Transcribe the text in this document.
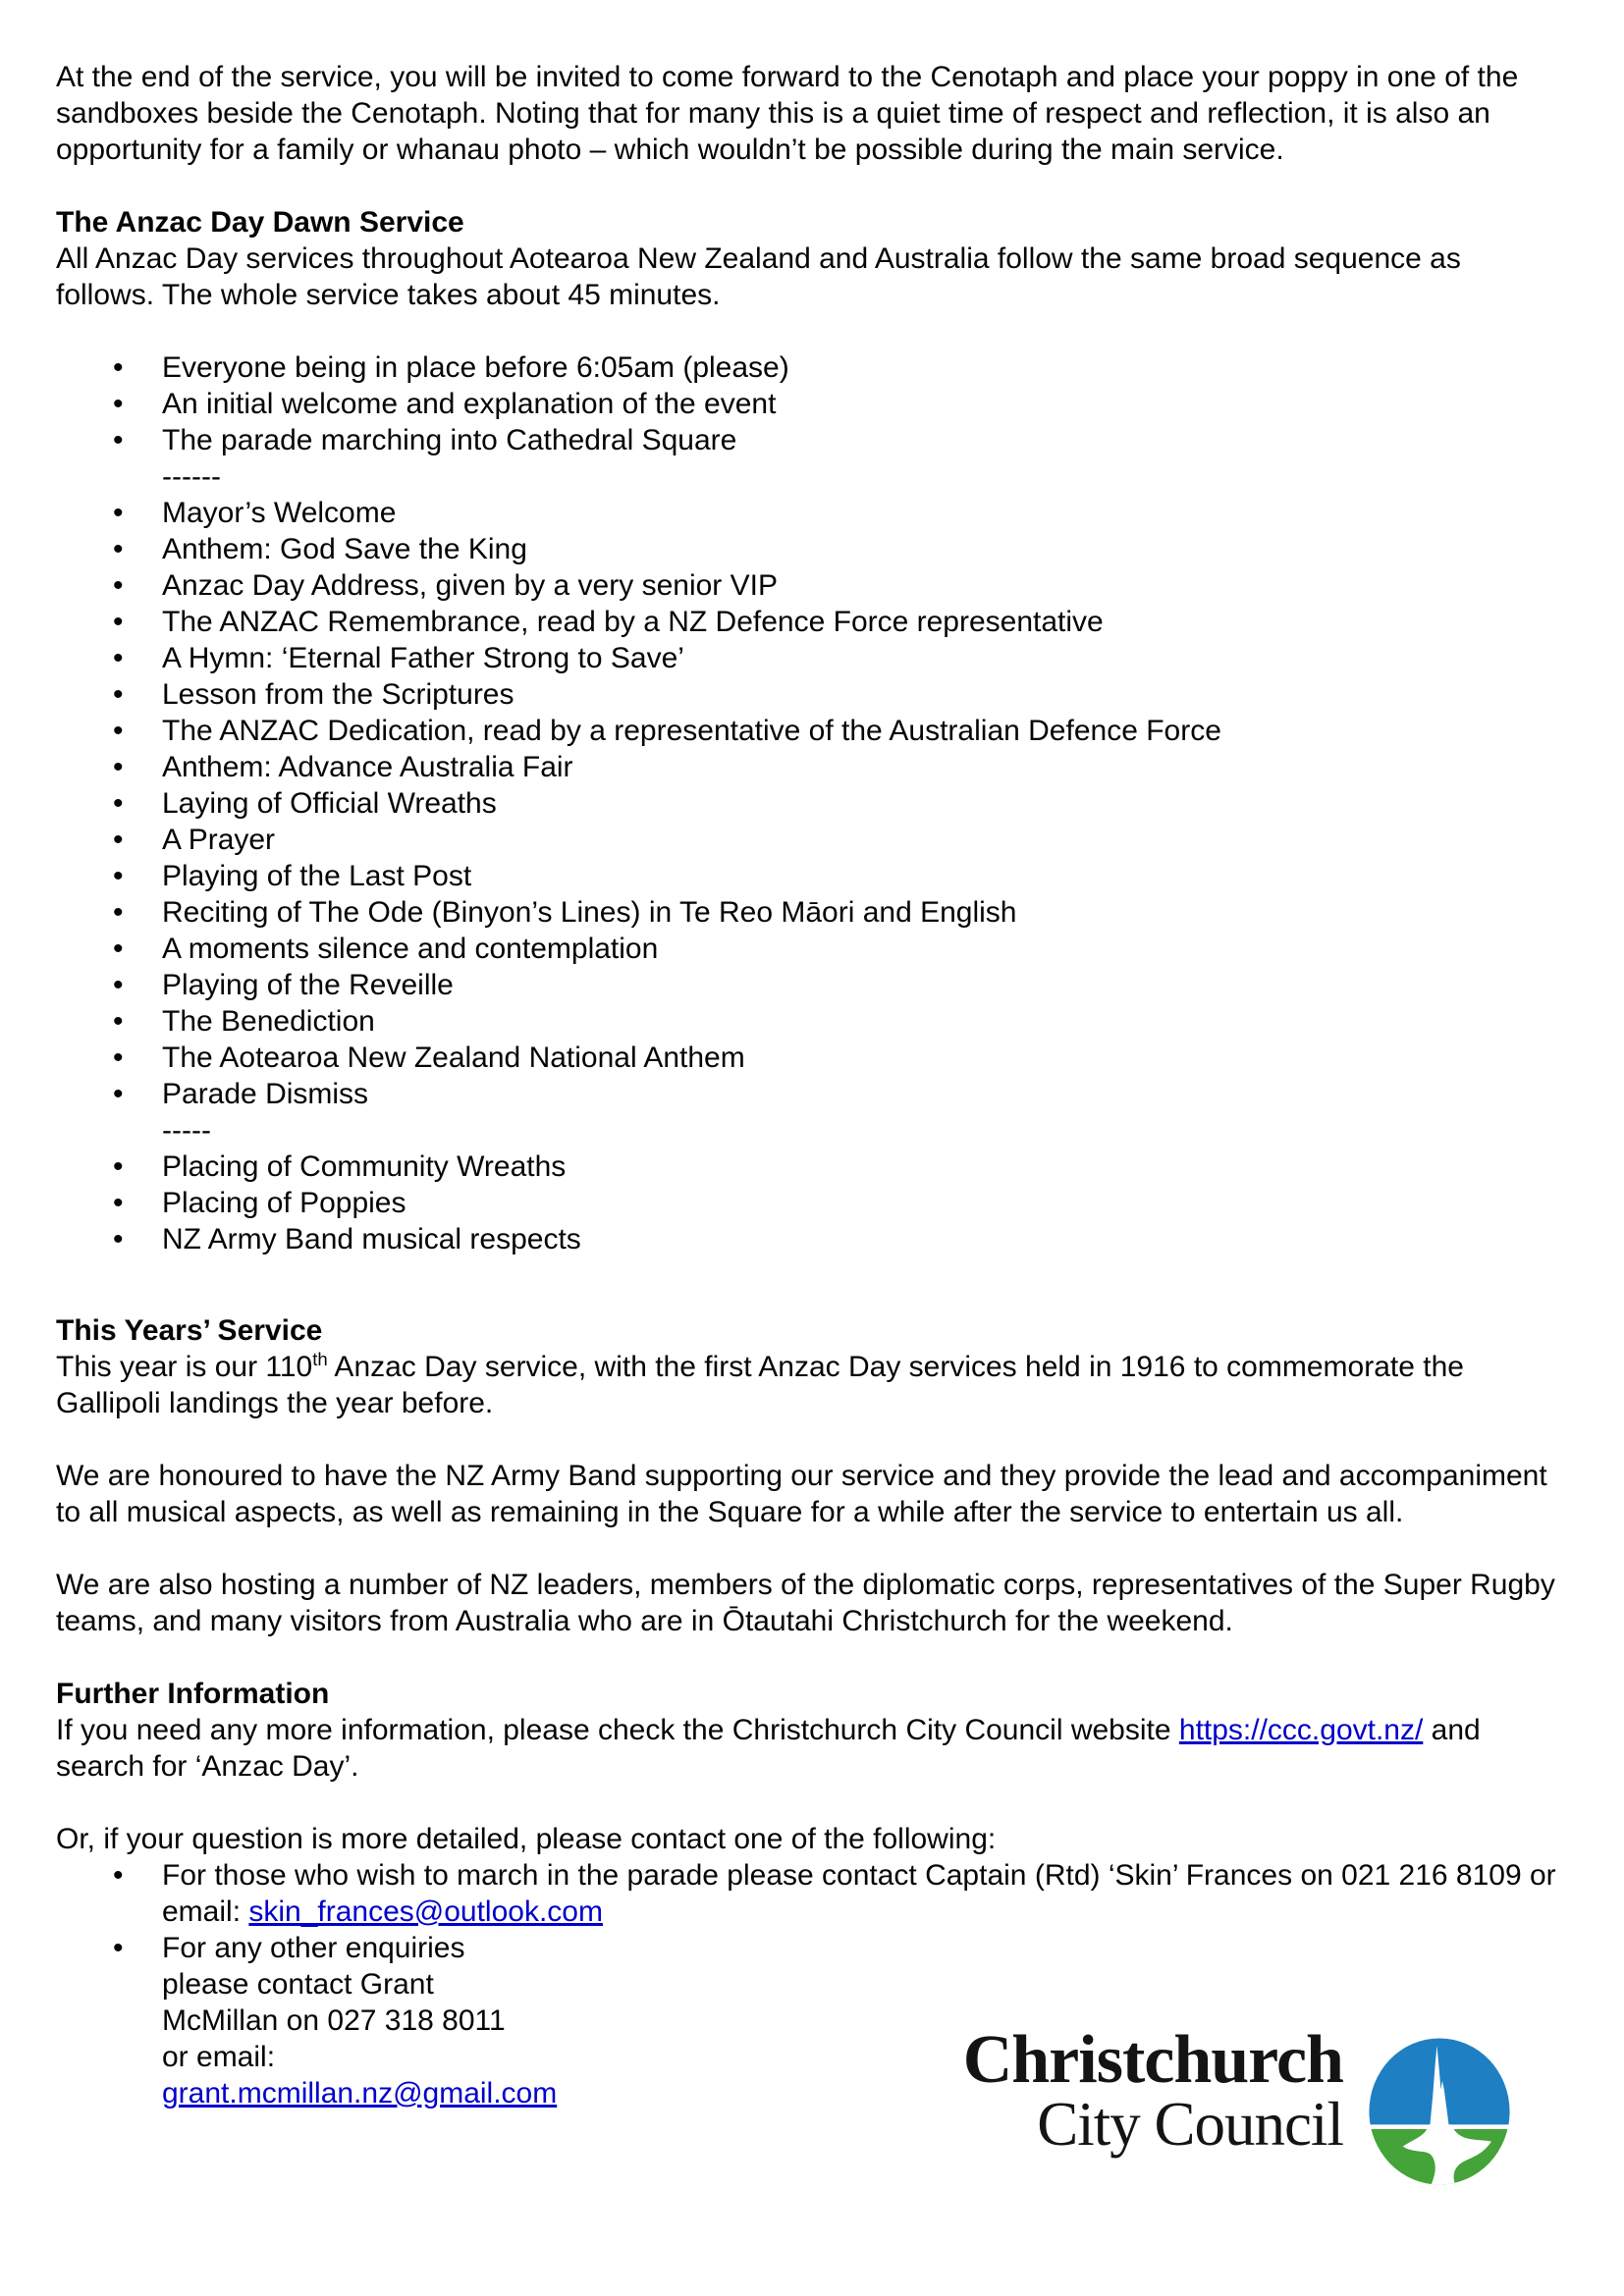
At the end of the service, you will be invited to come forward to the Cenotaph and place your poppy in one of the sandboxes beside the Cenotaph. Noting that for many this is a quiet time of respect and reflection, it is also an opportunity for a family or whanau photo – which wouldn’t be possible during the main service.

The Anzac Day Dawn Service

All Anzac Day services throughout Aotearoa New Zealand and Australia follow the same broad sequence as follows. The whole service takes about 45 minutes.

• Everyone being in place before 6:05am (please)
• An initial welcome and explanation of the event
• The parade marching into Cathedral Square
------
• Mayor’s Welcome
• Anthem: God Save the King
• Anzac Day Address, given by a very senior VIP
• The ANZAC Remembrance, read by a NZ Defence Force representative
• A Hymn: ‘Eternal Father Strong to Save’
• Lesson from the Scriptures
• The ANZAC Dedication, read by a representative of the Australian Defence Force
• Anthem: Advance Australia Fair
• Laying of Official Wreaths
• A Prayer
• Playing of the Last Post
• Reciting of The Ode (Binyon’s Lines) in Te Reo Māori and English
• A moments silence and contemplation
• Playing of the Reveille
• The Benediction
• The Aotearoa New Zealand National Anthem
• Parade Dismiss
-----
• Placing of Community Wreaths
• Placing of Poppies
• NZ Army Band musical respects
This Years’ Service

This year is our 110th Anzac Day service, with the first Anzac Day services held in 1916 to commemorate the Gallipoli landings the year before.

We are honoured to have the NZ Army Band supporting our service and they provide the lead and accompaniment to all musical aspects, as well as remaining in the Square for a while after the service to entertain us all.

We are also hosting a number of NZ leaders, members of the diplomatic corps, representatives of the Super Rugby teams, and many visitors from Australia who are in Ōtautahi Christchurch for the weekend.

Further Information

If you need any more information, please check the Christchurch City Council website https://ccc.govt.nz/ and search for ‘Anzac Day’.

Or, if your question is more detailed, please contact one of the following:

• For those who wish to march in the parade please contact Captain (Rtd) ‘Skin’ Frances on 021 216 8109 or email: skin_frances@outlook.com
• For any other enquiries please contact Grant McMillan on 027 318 8011 or email:
grant.mcmillan.nz@gmail.com	Christchurch
City Council
